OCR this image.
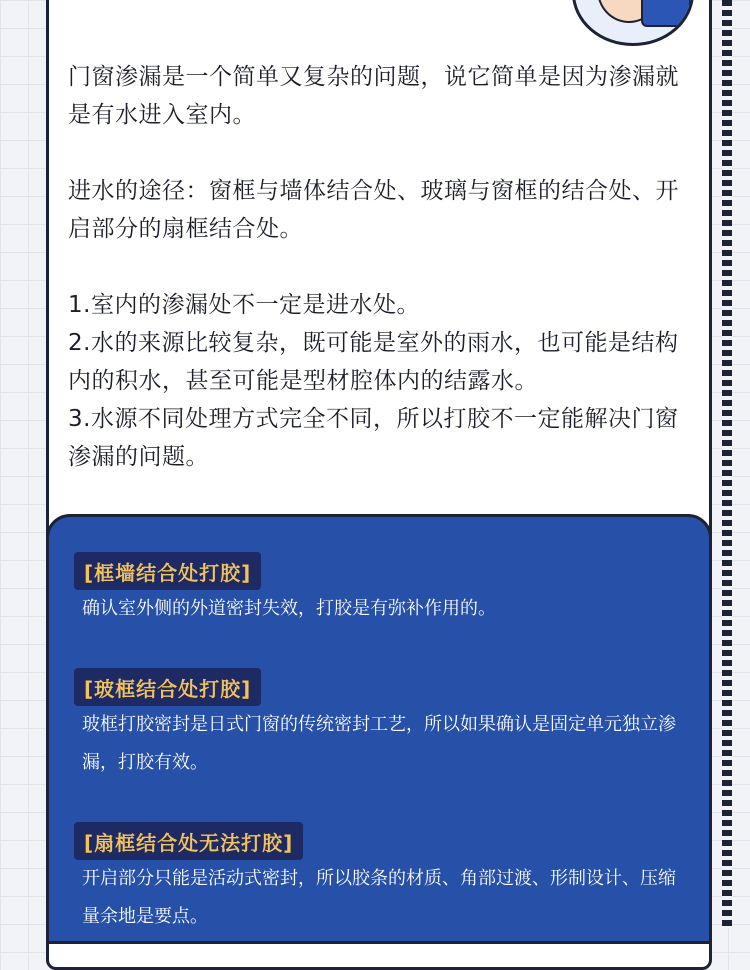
门窗渗漏是一个简单又复杂的问题，说它简单是因为渗漏就是有水进入室内。

进水的途径：窗框与墙体结合处、玻璃与窗框的结合处、开启部分的扇框结合处。

1.室内的渗漏处不一定是进水处。

2.水的来源比较复杂，既可能是室外的雨水，也可能是结构内的积水，甚至可能是型材腔体内的结露水。

3.水源不同处理方式完全不同，所以打胶不一定能解决门窗渗漏的问题。

[框墙结合处打胶]

确认室外侧的外道密封失效，打胶是有弥补作用的。

[玻框结合处打胶]

玻框打胶密封是日式门窗的传统密封工艺，所以如果确认是固定单元独立渗漏，打胶有效。

[扇框结合处无法打胶]

开启部分只能是活动式密封，所以胶条的材质、角部过渡、形制设计、压缩量余地是要点。
